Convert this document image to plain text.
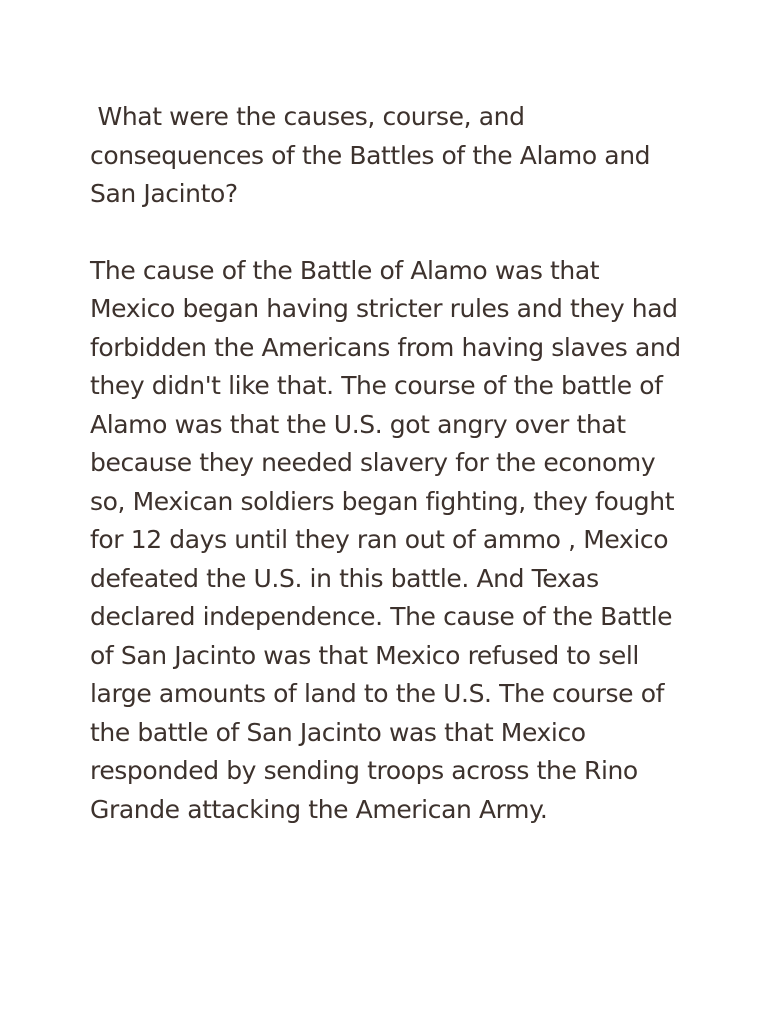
What were the causes, course, and consequences of the Battles of the Alamo and San Jacinto?

The cause of the Battle of Alamo was that Mexico began having stricter rules and they had forbidden the Americans from having slaves and they didn't like that. The course of the battle of Alamo was that the U.S. got angry over that because they needed slavery for the economy so, Mexican soldiers began fighting, they fought for 12 days until they ran out of ammo , Mexico defeated the U.S. in this battle. And Texas declared independence. The cause of the Battle of San Jacinto was that Mexico refused to sell large amounts of land to the U.S. The course of the battle of San Jacinto was that Mexico responded by sending troops across the Rino Grande attacking the American Army.
